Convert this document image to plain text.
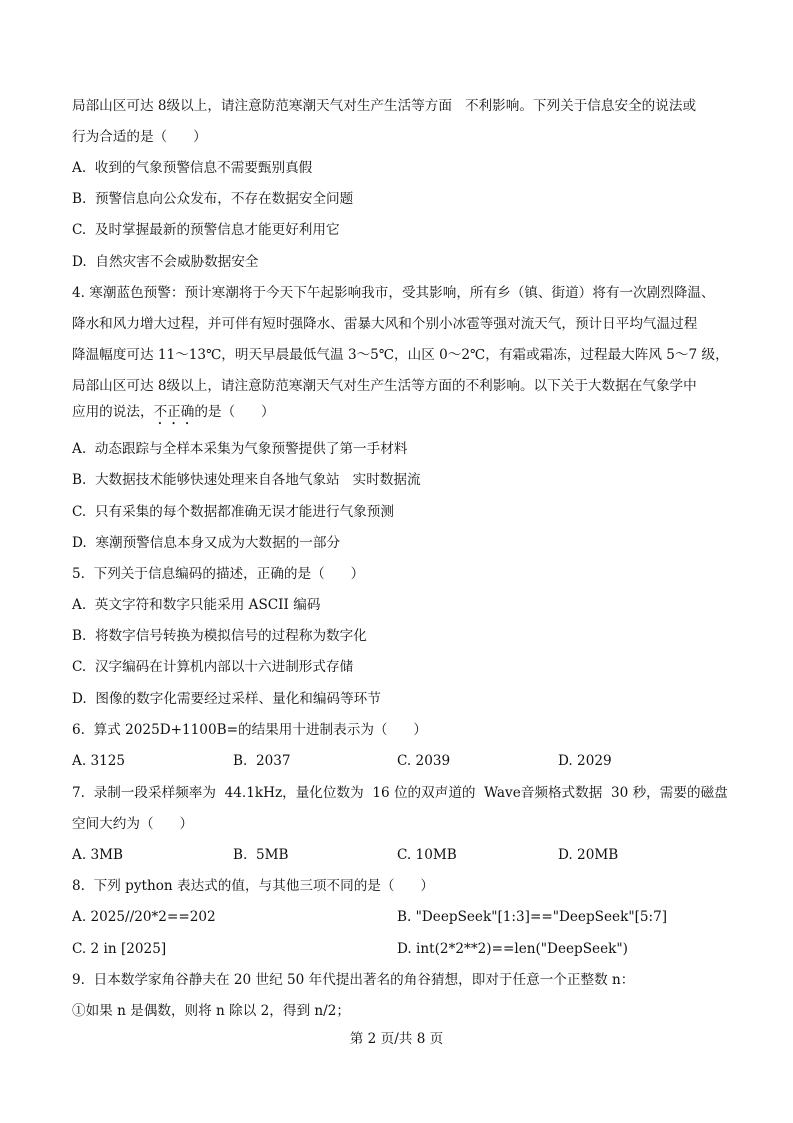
局部山区可达 8级以上，请注意防范寒潮天气对生产生活等方面   不利影响。下列关于信息安全的说法或
行为合适的是（      ）
A.  收到的气象预警信息不需要甄别真假
B.  预警信息向公众发布，不存在数据安全问题
C.  及时掌握最新的预警信息才能更好利用它
D.  自然灾害不会威胁数据安全
4. 寒潮蓝色预警：预计寒潮将于今天下午起影响我市，受其影响，所有乡（镇、街道）将有一次剧烈降温、
降水和风力增大过程，并可伴有短时强降水、雷暴大风和个别小冰雹等强对流天气，预计日平均气温过程
降温幅度可达 11～13℃，明天早晨最低气温 3～5℃，山区 0～2℃，有霜或霜冻，过程最大阵风 5～7 级，
局部山区可达 8级以上，请注意防范寒潮天气对生产生活等方面的不利影响。以下关于大数据在气象学中
应用的说法，不正确的是（      ）
A.  动态跟踪与全样本采集为气象预警提供了第一手材料
B.  大数据技术能够快速处理来自各地气象站   实时数据流
C.  只有采集的每个数据都准确无误才能进行气象预测
D.  寒潮预警信息本身又成为大数据的一部分
5.  下列关于信息编码的描述，正确的是（      ）
A.  英文字符和数字只能采用 ASCII 编码
B.  将数字信号转换为模拟信号的过程称为数字化
C.  汉字编码在计算机内部以十六进制形式存储
D.  图像的数字化需要经过采样、量化和编码等环节
6.  算式 2025D+1100B=的结果用十进制表示为（      ）
A. 3125	B.  2037	C. 2039	D. 2029
7.  录制一段采样频率为  44.1kHz，量化位数为  16 位的双声道的  Wave音频格式数据  30 秒，需要的磁盘
空间大约为（      ）
A. 3MB	B.  5MB	C. 10MB	D. 20MB
8.  下列 python 表达式的值，与其他三项不同的是（      ）
A. 2025//20*2==202	B. "DeepSeek"[1:3]=="DeepSeek"[5:7]
C. 2 in [2025]	D. int(2*2**2)==len("DeepSeek")
9.  日本数学家角谷静夫在 20 世纪 50 年代提出著名的角谷猜想，即对于任意一个正整数 n：
①如果 n 是偶数，则将 n 除以 2，得到 n/2；
第 2 页/共 8 页
